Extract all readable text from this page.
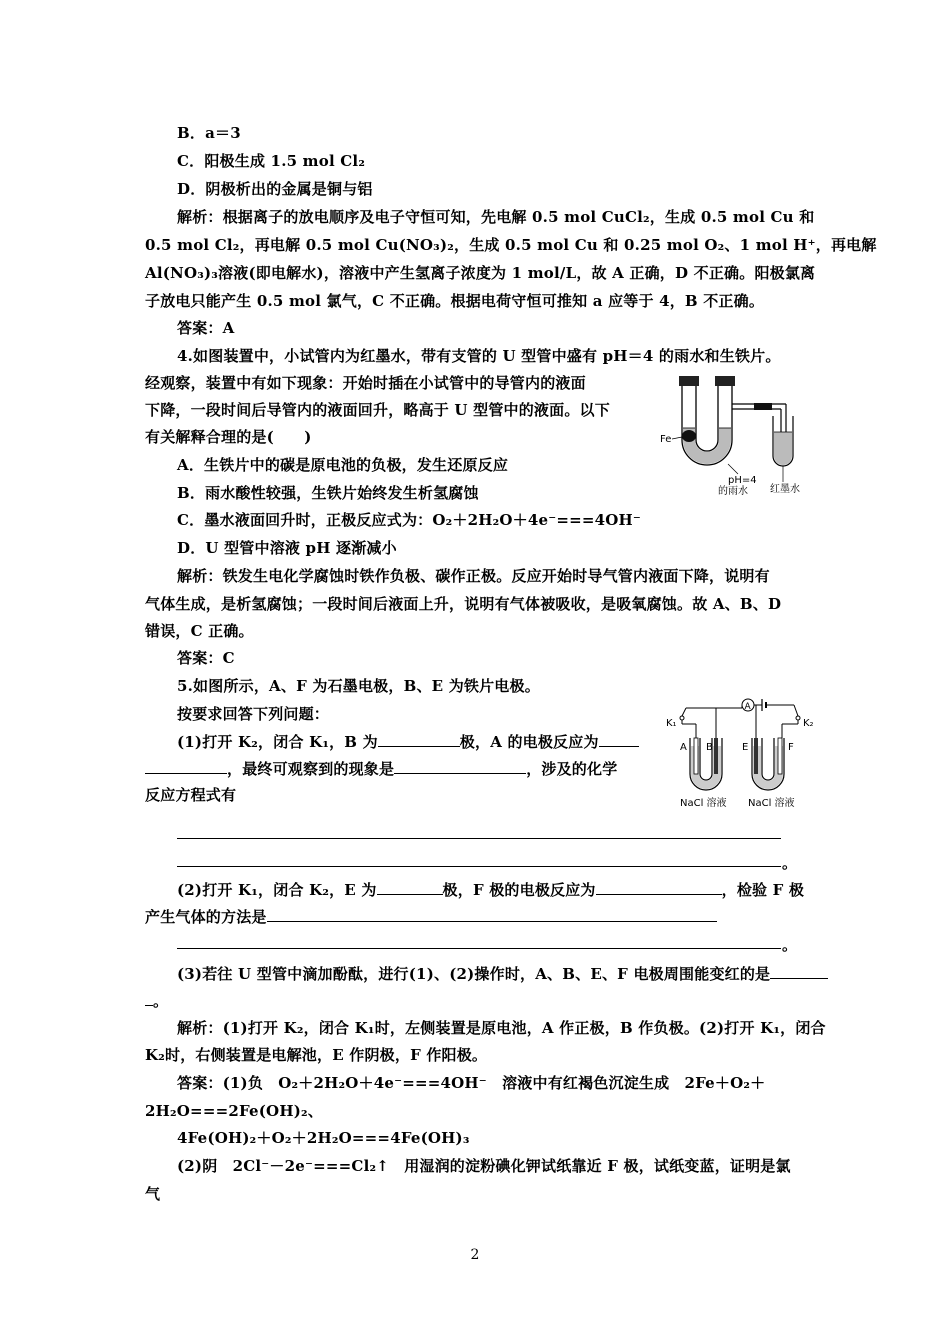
B．a＝3
C．阳极生成 1.5 mol Cl₂
D．阴极析出的金属是铜与铝
解析：根据离子的放电顺序及电子守恒可知，先电解 0.5 mol CuCl₂，生成 0.5 mol Cu 和
0.5 mol Cl₂，再电解 0.5 mol Cu(NO₃)₂，生成 0.5 mol Cu 和 0.25 mol O₂、1 mol H⁺，再电解
Al(NO₃)₃溶液(即电解水)，溶液中产生氢离子浓度为 1 mol/L，故 A 正确，D 不正确。阳极氯离
子放电只能产生 0.5 mol 氯气，C 不正确。根据电荷守恒可推知 a 应等于 4，B 不正确。
答案：A
4.如图装置中，小试管内为红墨水，带有支管的 U 型管中盛有 pH＝4 的雨水和生铁片。
经观察，装置中有如下现象：开始时插在小试管中的导管内的液面
下降，一段时间后导管内的液面回升，略高于 U 型管中的液面。以下
有关解释合理的是(　　)
A．生铁片中的碳是原电池的负极，发生还原反应
B．雨水酸性较强，生铁片始终发生析氢腐蚀
C．墨水液面回升时，正极反应式为：O₂＋2H₂O＋4e⁻===4OH⁻
D．U 型管中溶液 pH 逐渐减小
解析：铁发生电化学腐蚀时铁作负极、碳作正极。反应开始时导气管内液面下降，说明有
气体生成，是析氢腐蚀；一段时间后液面上升，说明有气体被吸收，是吸氧腐蚀。故 A、B、D
错误，C 正确。
答案：C
Fe
pH=4
的雨水 红墨水
5.如图所示，A、F 为石墨电极，B、E 为铁片电极。
按要求回答下列问题：
(1)打开 K₂，闭合 K₁，B 为	极，A 的电极反应为
，最终可观察到的现象是	，涉及的化学
反应方程式有
。
A
K₁	K₂
A B	E	F
NaCl 溶液 NaCl 溶液
(2)打开 K₁，闭合 K₂，E 为	极，F 极的电极反应为	，检验 F 极
产生气体的方法是
。
(3)若往 U 型管中滴加酚酞，进行(1)、(2)操作时，A、B、E、F 电极周围能变红的是
。
解析：(1)打开 K₂，闭合 K₁时，左侧装置是原电池，A 作正极，B 作负极。(2)打开 K₁，闭合
K₂时，右侧装置是电解池，E 作阴极，F 作阳极。
答案：(1)负　O₂＋2H₂O＋4e⁻===4OH⁻　溶液中有红褐色沉淀生成　2Fe＋O₂＋
2H₂O===2Fe(OH)₂、
4Fe(OH)₂＋O₂＋2H₂O===4Fe(OH)₃
(2)阴　2Cl⁻－2e⁻===Cl₂↑　用湿润的淀粉碘化钾试纸靠近 F 极，试纸变蓝，证明是氯
气
2
